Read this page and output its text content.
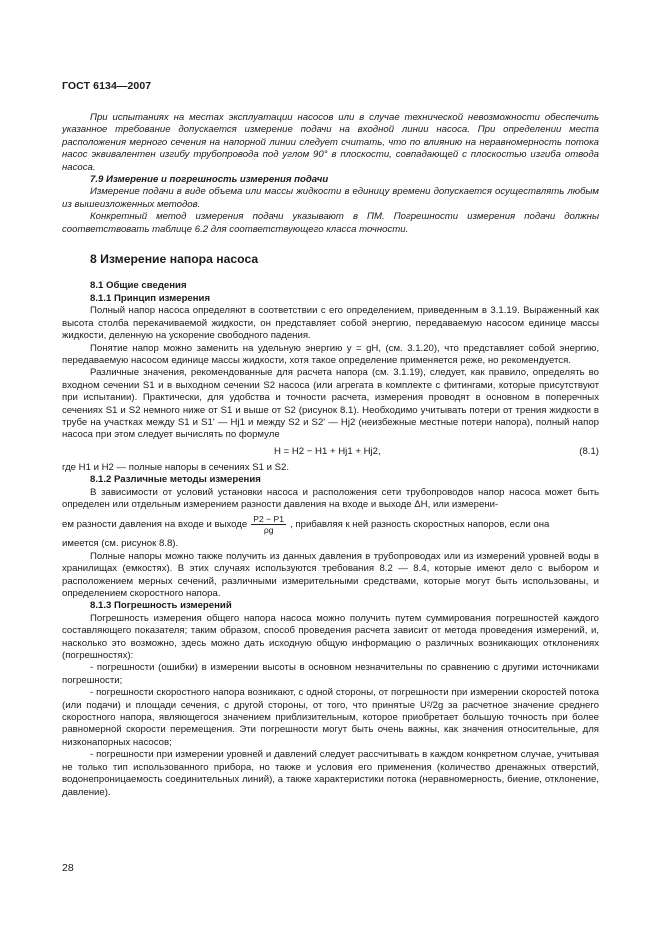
ГОСТ 6134—2007

При испытаниях на местах эксплуатации насосов или в случае технической невозможности обеспечить указанное требование допускается измерение подачи на входной линии насоса. При определении места расположения мерного сечения на напорной линии следует считать, что по влиянию на неравномерность потока насос эквивалентен изгибу трубопровода под углом 90° в плоскости, совпадающей с плоскостью изгиба отвода насоса.

7.9 Измерение и погрешность измерения подачи

Измерение подачи в виде объема или массы жидкости в единицу времени допускается осуществлять любым из вышеизложенных методов.

Конкретный метод измерения подачи указывают в ПМ. Погрешности измерения подачи должны соответствовать таблице 6.2 для соответствующего класса точности.

8 Измерение напора насоса

8.1 Общие сведения

8.1.1 Принцип измерения

Полный напор насоса определяют в соответствии с его определением, приведенным в 3.1.19. Выраженный как высота столба перекачиваемой жидкости, он представляет собой энергию, передаваемую насосом единице массы жидкости, деленную на ускорение свободного падения.

Понятие напор можно заменить на удельную энергию y = gH, (см. 3.1.20), что представляет собой энергию, передаваемую насосом единице массы жидкости, хотя такое определение применяется реже, но рекомендуется.

Различные значения, рекомендованные для расчета напора (см. 3.1.19), следует, как правило, определять во входном сечении S1 и в выходном сечении S2 насоса (или агрегата в комплекте с фитингами, которые присутствуют при испытании). Практически, для удобства и точности расчета, измерения проводят в основном в поперечных сечениях S1 и S2 немного ниже от S1 и выше от S2 (рисунок 8.1). Необходимо учитывать потери от трения жидкости в трубе на участках между S1 и S1' — Hj1 и между S2 и S2' — Hj2 (неизбежные местные потери напора), полный напор насоса при этом следует вычислять по формуле

H = H2 − H1 + Hj1 + Hj2,	(8.1)

где H1 и H2 — полные напоры в сечениях S1 и S2.

8.1.2 Различные методы измерения

В зависимости от условий установки насоса и расположения сети трубопроводов напор насоса может быть определен или отдельным измерением разности давления на входе и выходе ΔH, или измерени-

ем разности давления на входе и выходе $\frac{P2 - P1}{\rho g}$ , прибавляя к ней разность скоростных напоров, если она

имеется (см. рисунок 8.8).

Полные напоры можно также получить из данных давления в трубопроводах или из измерений уровней воды в хранилищах (емкостях). В этих случаях используются требования 8.2 — 8.4, которые имеют дело с выбором и расположением мерных сечений, различными измерительными средствами, которые могут быть использованы, и определением скоростного напора.

8.1.3 Погрешность измерений

Погрешность измерения общего напора насоса можно получить путем суммирования погрешностей каждого составляющего показателя; таким образом, способ проведения расчета зависит от метода проведения измерений, и, насколько это возможно, здесь можно дать исходную общую информацию о различных возникающих отклонениях (погрешностях):

- погрешности (ошибки) в измерении высоты в основном незначительны по сравнению с другими источниками погрешности;

- погрешности скоростного напора возникают, с одной стороны, от погрешности при измерении скоростей потока (или подачи) и площади сечения, с другой стороны, от того, что принятые U²/2g за расчетное значение среднего скоростного напора, являющегося значением приблизительным, которое приобретает большую точность при более равномерной скорости перемещения. Эти погрешности могут быть очень важны, как значения относительные, для низконапорных насосов;

- погрешности при измерении уровней и давлений следует рассчитывать в каждом конкретном случае, учитывая не только тип использованного прибора, но также и условия его применения (количество дренажных отверстий, водонепроницаемость соединительных линий), а также характеристики потока (неравномерность, биение, отклонение, давление).

28
